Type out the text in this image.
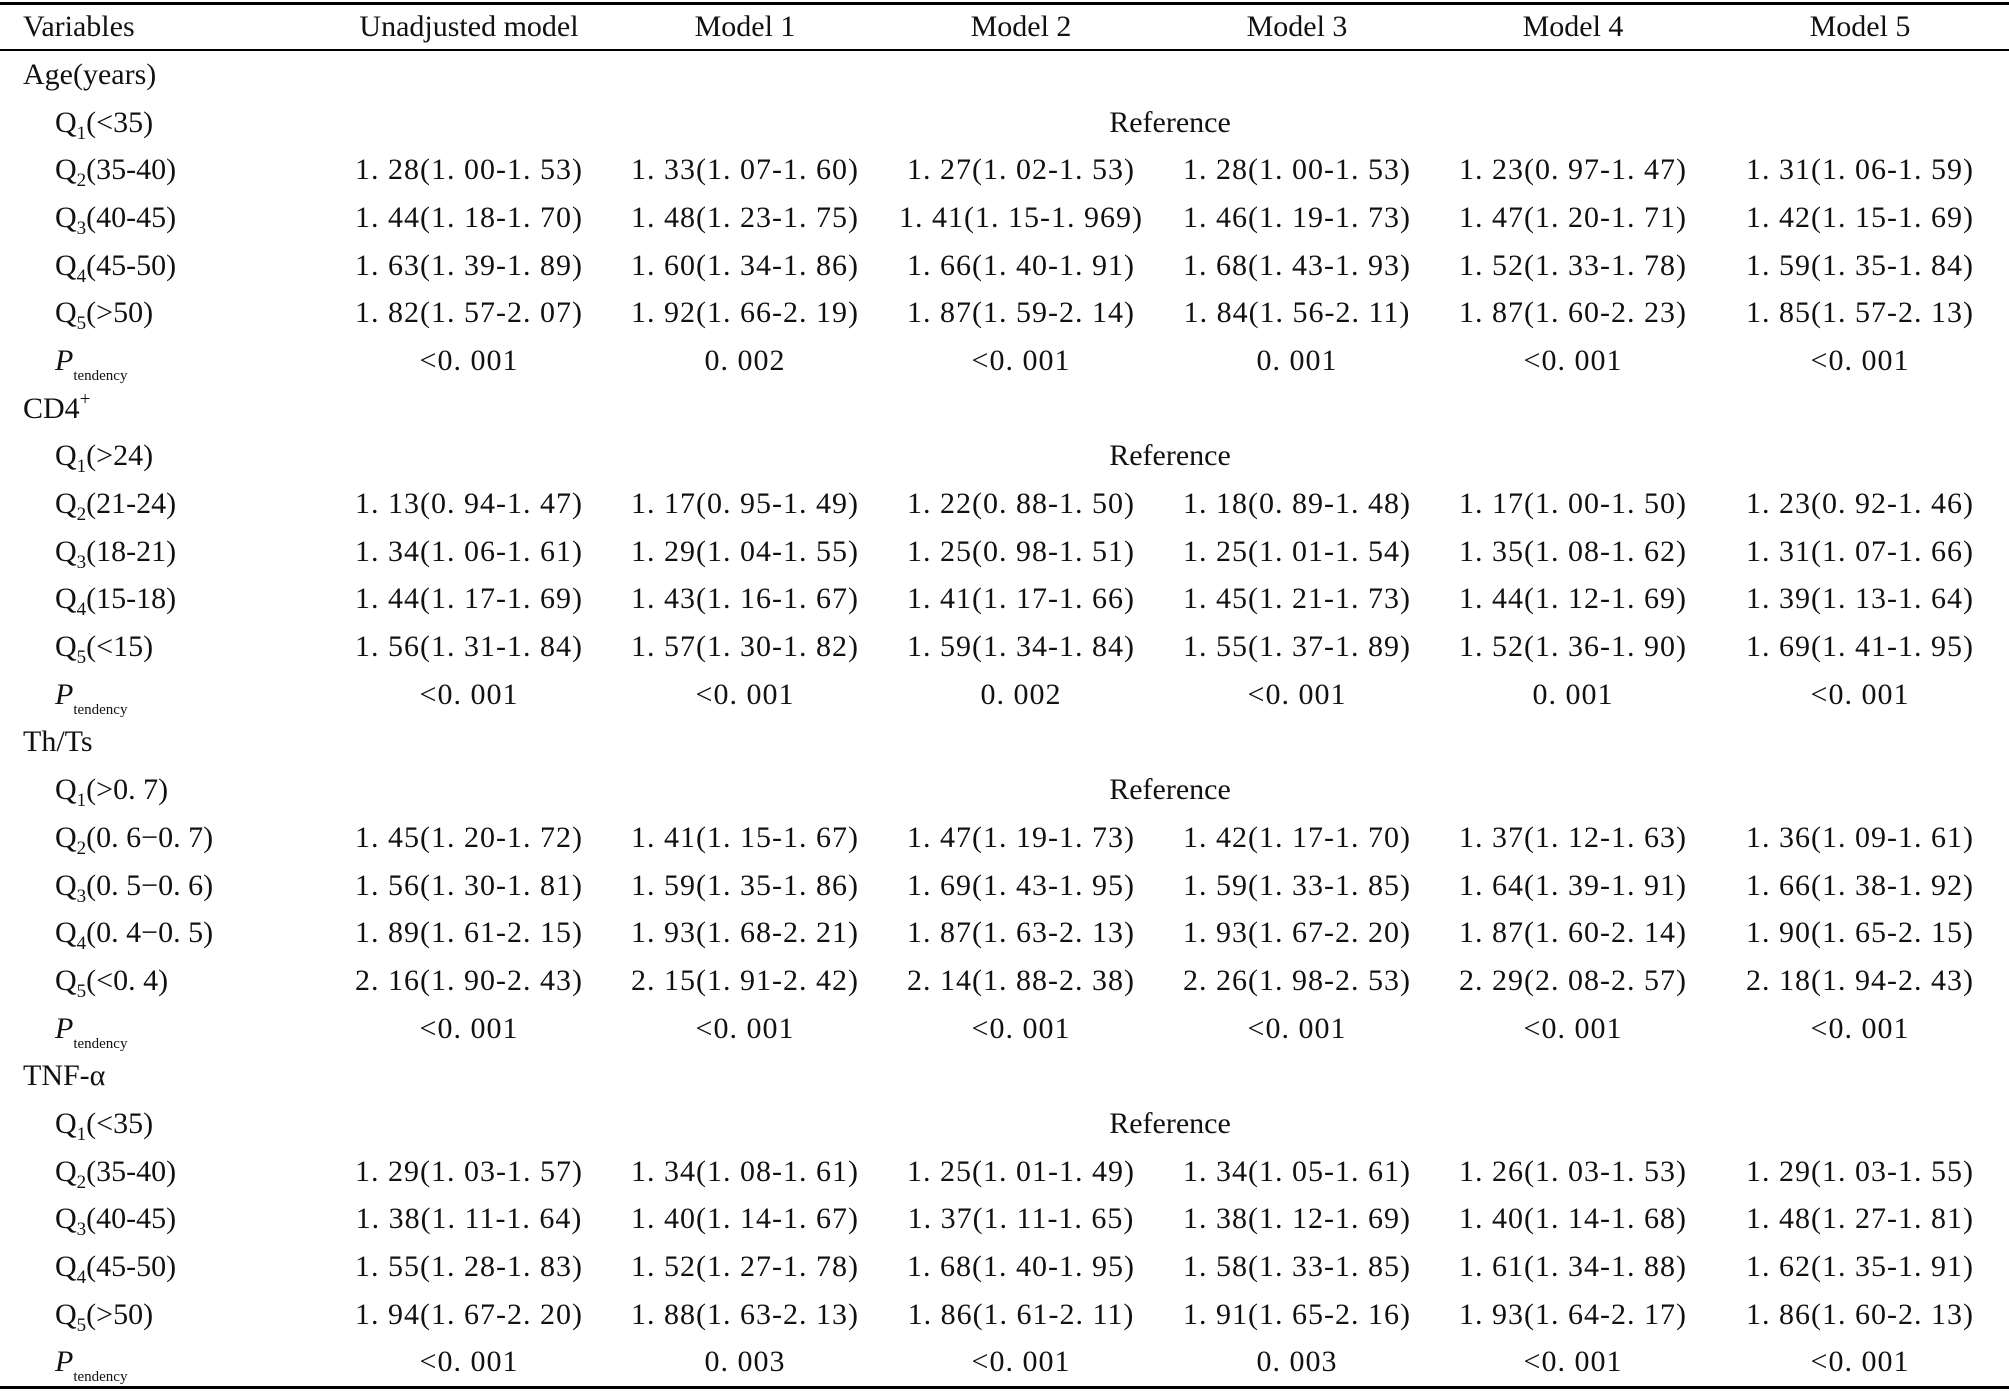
Variables	Unadjusted model	Model 1	Model 2	Model 3	Model 4	Model 5
Age(years)
$Q_1(<35)$	Reference
$Q_2(35-40)$	1. 28(1. 00-1. 53)	1. 33(1. 07-1. 60)	1. 27(1. 02-1. 53)	1. 28(1. 00-1. 53)	1. 23(0. 97-1. 47)	1. 31(1. 06-1. 59)
$Q_3(40-45)$	1. 44(1. 18-1. 70)	1. 48(1. 23-1. 75)	1. 41(1. 15-1. 969)	1. 46(1. 19-1. 73)	1. 47(1. 20-1. 71)	1. 42(1. 15-1. 69)
$Q_4(45-50)$	1. 63(1. 39-1. 89)	1. 60(1. 34-1. 86)	1. 66(1. 40-1. 91)	1. 68(1. 43-1. 93)	1. 52(1. 33-1. 78)	1. 59(1. 35-1. 84)
$Q_5(>50)$	1. 82(1. 57-2. 07)	1. 92(1. 66-2. 19)	1. 87(1. 59-2. 14)	1. 84(1. 56-2. 11)	1. 87(1. 60-2. 23)	1. 85(1. 57-2. 13)
$P_{tendency}$	<0. 001	0. 002	<0. 001	0. 001	<0. 001	<0. 001
CD4+
$Q_1(>24)$	Reference
$Q_2(21-24)$	1. 13(0. 94-1. 47)	1. 17(0. 95-1. 49)	1. 22(0. 88-1. 50)	1. 18(0. 89-1. 48)	1. 17(1. 00-1. 50)	1. 23(0. 92-1. 46)
$Q_3(18-21)$	1. 34(1. 06-1. 61)	1. 29(1. 04-1. 55)	1. 25(0. 98-1. 51)	1. 25(1. 01-1. 54)	1. 35(1. 08-1. 62)	1. 31(1. 07-1. 66)
$Q_4(15-18)$	1. 44(1. 17-1. 69)	1. 43(1. 16-1. 67)	1. 41(1. 17-1. 66)	1. 45(1. 21-1. 73)	1. 44(1. 12-1. 69)	1. 39(1. 13-1. 64)
$Q_5(<15)$	1. 56(1. 31-1. 84)	1. 57(1. 30-1. 82)	1. 59(1. 34-1. 84)	1. 55(1. 37-1. 89)	1. 52(1. 36-1. 90)	1. 69(1. 41-1. 95)
$P_{tendency}$	<0. 001	<0. 001	0. 002	<0. 001	0. 001	<0. 001
Th/Ts
$Q_1(>0$. 7)	Reference
$Q_2(0$. 6−0. 7)	1. 45(1. 20-1. 72)	1. 41(1. 15-1. 67)	1. 47(1. 19-1. 73)	1. 42(1. 17-1. 70)	1. 37(1. 12-1. 63)	1. 36(1. 09-1. 61)
$Q_3(0$. 5−0. 6)	1. 56(1. 30-1. 81)	1. 59(1. 35-1. 86)	1. 69(1. 43-1. 95)	1. 59(1. 33-1. 85)	1. 64(1. 39-1. 91)	1. 66(1. 38-1. 92)
$Q_4(0$. 4−0. 5)	1. 89(1. 61-2. 15)	1. 93(1. 68-2. 21)	1. 87(1. 63-2. 13)	1. 93(1. 67-2. 20)	1. 87(1. 60-2. 14)	1. 90(1. 65-2. 15)
$Q_5(<0$. 4)	2. 16(1. 90-2. 43)	2. 15(1. 91-2. 42)	2. 14(1. 88-2. 38)	2. 26(1. 98-2. 53)	2. 29(2. 08-2. 57)	2. 18(1. 94-2. 43)
$P_{tendency}$	<0. 001	<0. 001	<0. 001	<0. 001	<0. 001	<0. 001
TNF-α
$Q_1(<35)$	Reference
$Q_2(35-40)$	1. 29(1. 03-1. 57)	1. 34(1. 08-1. 61)	1. 25(1. 01-1. 49)	1. 34(1. 05-1. 61)	1. 26(1. 03-1. 53)	1. 29(1. 03-1. 55)
$Q_3(40-45)$	1. 38(1. 11-1. 64)	1. 40(1. 14-1. 67)	1. 37(1. 11-1. 65)	1. 38(1. 12-1. 69)	1. 40(1. 14-1. 68)	1. 48(1. 27-1. 81)
$Q_4(45-50)$	1. 55(1. 28-1. 83)	1. 52(1. 27-1. 78)	1. 68(1. 40-1. 95)	1. 58(1. 33-1. 85)	1. 61(1. 34-1. 88)	1. 62(1. 35-1. 91)
$Q_5(>50)$	1. 94(1. 67-2. 20)	1. 88(1. 63-2. 13)	1. 86(1. 61-2. 11)	1. 91(1. 65-2. 16)	1. 93(1. 64-2. 17)	1. 86(1. 60-2. 13)
$P_{tendency}$	<0. 001	0. 003	<0. 001	0. 003	<0. 001	<0. 001
